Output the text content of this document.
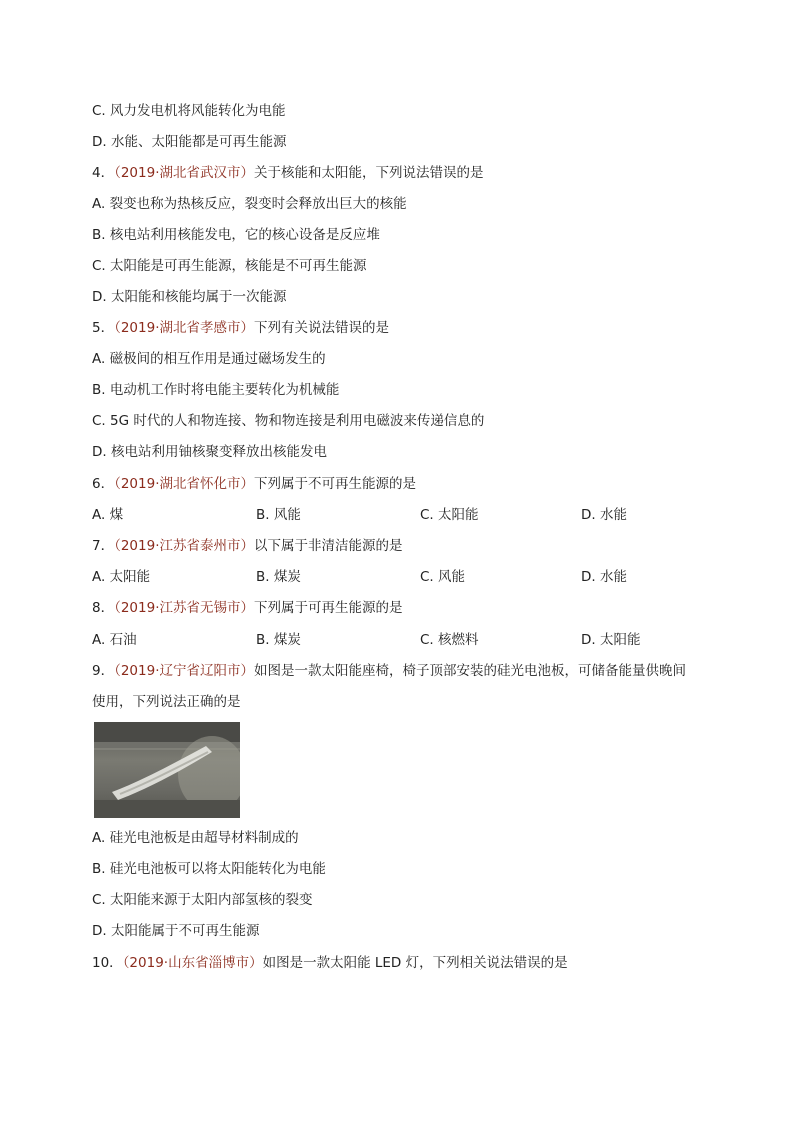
C. 风力发电机将风能转化为电能
D. 水能、太阳能都是可再生能源
4．（2019·湖北省武汉市）关于核能和太阳能，下列说法错误的是
A. 裂变也称为热核反应，裂变时会释放出巨大的核能
B. 核电站利用核能发电，它的核心设备是反应堆
C. 太阳能是可再生能源，核能是不可再生能源
D. 太阳能和核能均属于一次能源
5．（2019·湖北省孝感市）下列有关说法错误的是
A. 磁极间的相互作用是通过磁场发生的
B. 电动机工作时将电能主要转化为机械能
C. 5G 时代的人和物连接、物和物连接是利用电磁波来传递信息的
D. 核电站利用铀核聚变释放出核能发电
6．（2019·湖北省怀化市）下列属于不可再生能源的是
A. 煤	B. 风能	C. 太阳能	D. 水能
7．（2019·江苏省泰州市）以下属于非清洁能源的是
A. 太阳能	B. 煤炭	C. 风能	D. 水能
8．（2019·江苏省无锡市）下列属于可再生能源的是
A. 石油	B. 煤炭	C. 核燃料	D. 太阳能
9．（2019·辽宁省辽阳市）如图是一款太阳能座椅，椅子顶部安装的硅光电池板，可储备能量供晚间
使用，下列说法正确的是
A. 硅光电池板是由超导材料制成的
B. 硅光电池板可以将太阳能转化为电能
C. 太阳能来源于太阳内部氢核的裂变
D. 太阳能属于不可再生能源
10．（2019·山东省淄博市）如图是一款太阳能 LED 灯，下列相关说法错误的是
